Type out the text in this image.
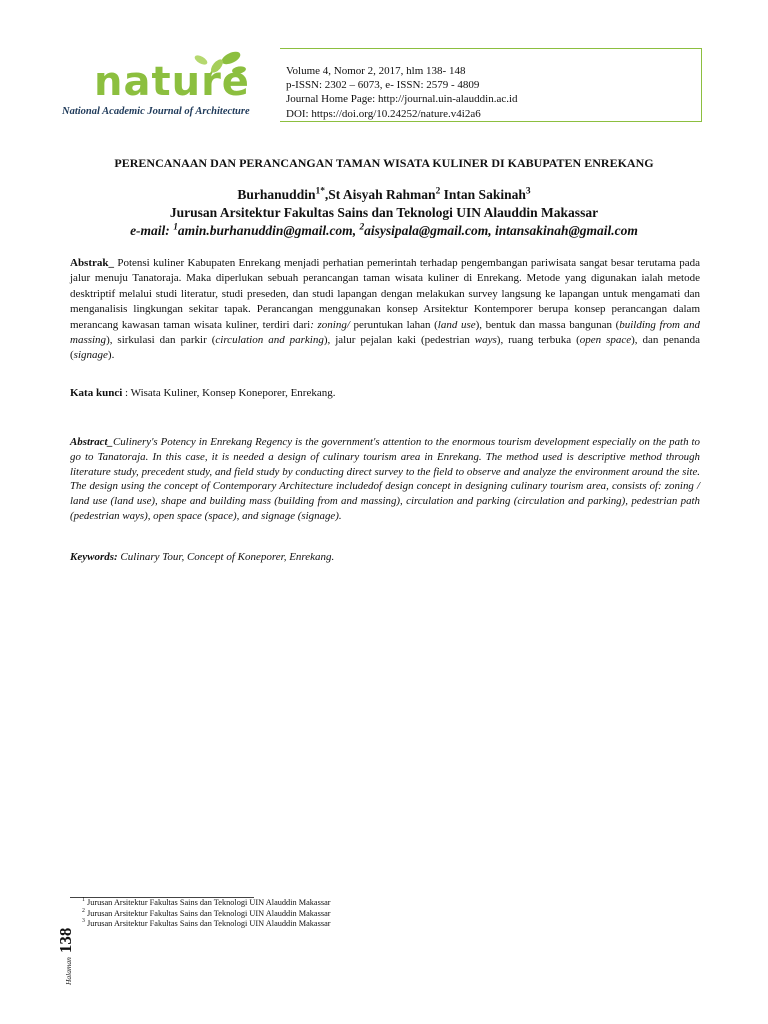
nature
National Academic Journal of Architecture
Volume 4, Nomor 2, 2017, hlm 138- 148
p-ISSN: 2302 – 6073, e- ISSN: 2579 - 4809
Journal Home Page: http://journal.uin-alauddin.ac.id
DOI: https://doi.org/10.24252/nature.v4i2a6
PERENCANAAN DAN PERANCANGAN TAMAN WISATA KULINER DI KABUPATEN ENREKANG
Burhanuddin$^{1*}$,St Aisyah Rahman$^2$ Intan Sakinah$^3$
Jurusan Arsitektur Fakultas Sains dan Teknologi UIN Alauddin Makassar
e-mail: $^1$amin.burhanuddin@gmail.com, $^2$aisysipala@gmail.com, intansakinah@gmail.com
Abstrak_ Potensi kuliner Kabupaten Enrekang menjadi perhatian pemerintah terhadap pengembangan pariwisata sangat besar terutama pada jalur menuju Tanatoraja. Maka diperlukan sebuah perancangan taman wisata kuliner di Enrekang. Metode yang digunakan ialah metode desktriptif melalui studi literatur, studi preseden, dan studi lapangan dengan melakukan survey langsung ke lapangan untuk mengamati dan menganalisis lingkungan sekitar tapak. Perancangan menggunakan konsep Arsitektur Kontemporer berupa konsep perancangan dalam merancang kawasan taman wisata kuliner, terdiri dari: zoning/ peruntukan lahan (land use), bentuk dan massa bangunan (building from and massing), sirkulasi dan parkir (circulation and parking), jalur pejalan kaki (pedestrian ways), ruang terbuka (open space), dan penanda (signage).
Kata kunci : Wisata Kuliner, Konsep Koneporer, Enrekang.
Abstract_Culinery's Potency in Enrekang Regency is the government's attention to the enormous tourism development especially on the path to go to Tanatoraja. In this case, it is needed a design of culinary tourism area in Enrekang. The method used is descriptive method through literature study, precedent study, and field study by conducting direct survey to the field to observe and analyze the environment around the site. The design using the concept of Contemporary Architecture includedof design concept in designing culinary tourism area, consists of: zoning / land use (land use), shape and building mass (building from and massing), circulation and parking (circulation and parking), pedestrian path (pedestrian ways), open space (space), and signage (signage).
Keywords: Culinary Tour, Concept of Koneporer, Enrekang.
$^1$ Jurusan Arsitektur Fakultas Sains dan Teknologi UIN Alauddin Makassar
$^2$ Jurusan Arsitektur Fakultas Sains dan Teknologi UIN Alauddin Makassar
$^3$ Jurusan Arsitektur Fakultas Sains dan Teknologi UIN Alauddin Makassar
Halaman138
